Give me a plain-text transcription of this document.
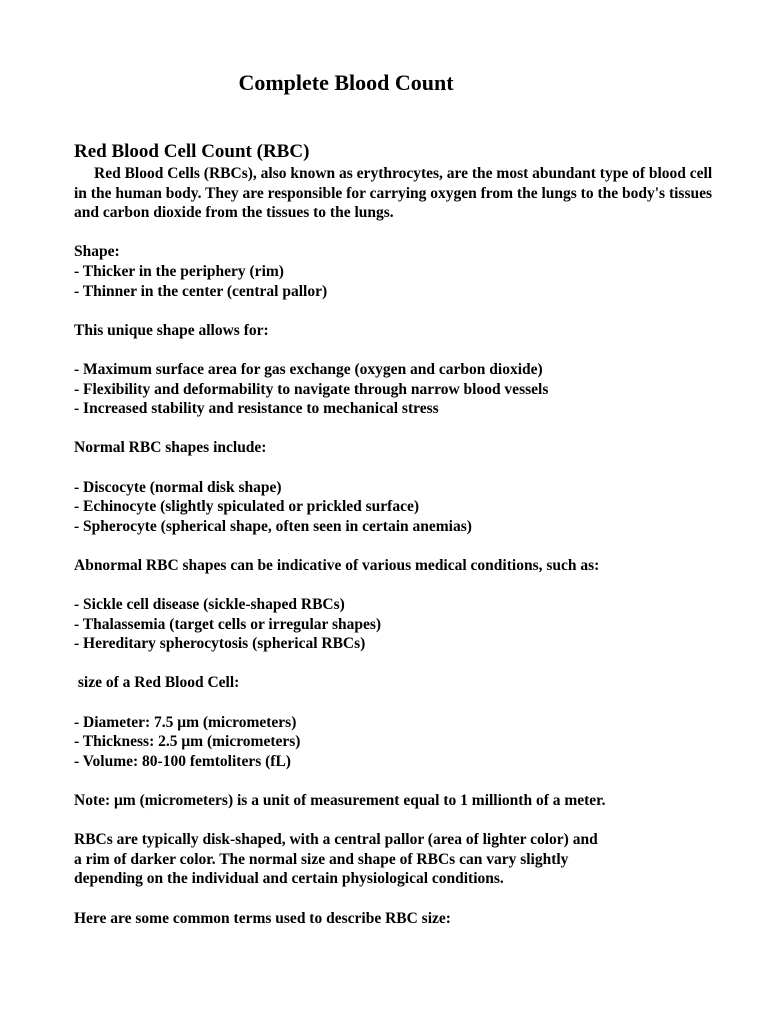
Complete Blood Count
Red Blood Cell Count (RBC)

Red Blood Cells (RBCs), also known as erythrocytes, are the most abundant type of blood cell in the human body. They are responsible for carrying oxygen from the lungs to the body's tissues and carbon dioxide from the tissues to the lungs.

Shape:
- Thicker in the periphery (rim)
- Thinner in the center (central pallor)
This unique shape allows for:
- Maximum surface area for gas exchange (oxygen and carbon dioxide)
- Flexibility and deformability to navigate through narrow blood vessels
- Increased stability and resistance to mechanical stress
Normal RBC shapes include:
- Discocyte (normal disk shape)
- Echinocyte (slightly spiculated or prickled surface)
- Spherocyte (spherical shape, often seen in certain anemias)
Abnormal RBC shapes can be indicative of various medical conditions, such as:
- Sickle cell disease (sickle-shaped RBCs)
- Thalassemia (target cells or irregular shapes)
- Hereditary spherocytosis (spherical RBCs)
size of a Red Blood Cell:
- Diameter: 7.5 μm (micrometers)
- Thickness: 2.5 μm (micrometers)
- Volume: 80-100 femtoliters (fL)
Note: μm (micrometers) is a unit of measurement equal to 1 millionth of a meter.
RBCs are typically disk-shaped, with a central pallor (area of lighter color) and
a rim of darker color. The normal size and shape of RBCs can vary slightly
depending on the individual and certain physiological conditions.
Here are some common terms used to describe RBC size:
